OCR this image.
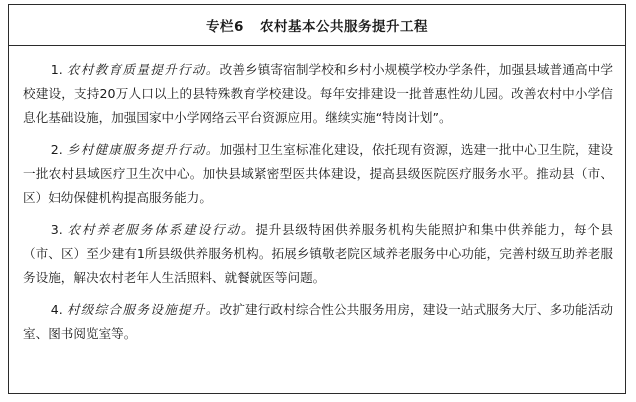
专栏6 农村基本公共服务提升工程

1. 农村教育质量提升行动。改善乡镇寄宿制学校和乡村小规模学校办学条件，加强县域普通高中学校建设，支持20万人口以上的县特殊教育学校建设。每年安排建设一批普惠性幼儿园。改善农村中小学信息化基础设施，加强国家中小学网络云平台资源应用。继续实施“特岗计划”。

2. 乡村健康服务提升行动。加强村卫生室标准化建设，依托现有资源，选建一批中心卫生院，建设一批农村县域医疗卫生次中心。加快县域紧密型医共体建设，提高县级医院医疗服务水平。推动县（市、区）妇幼保健机构提高服务能力。

3. 农村养老服务体系建设行动。提升县级特困供养服务机构失能照护和集中供养能力，每个县（市、区）至少建有1所县级供养服务机构。拓展乡镇敬老院区域养老服务中心功能，完善村级互助养老服务设施，解决农村老年人生活照料、就餐就医等问题。

4. 村级综合服务设施提升。改扩建行政村综合性公共服务用房，建设一站式服务大厅、多功能活动室、图书阅览室等。
